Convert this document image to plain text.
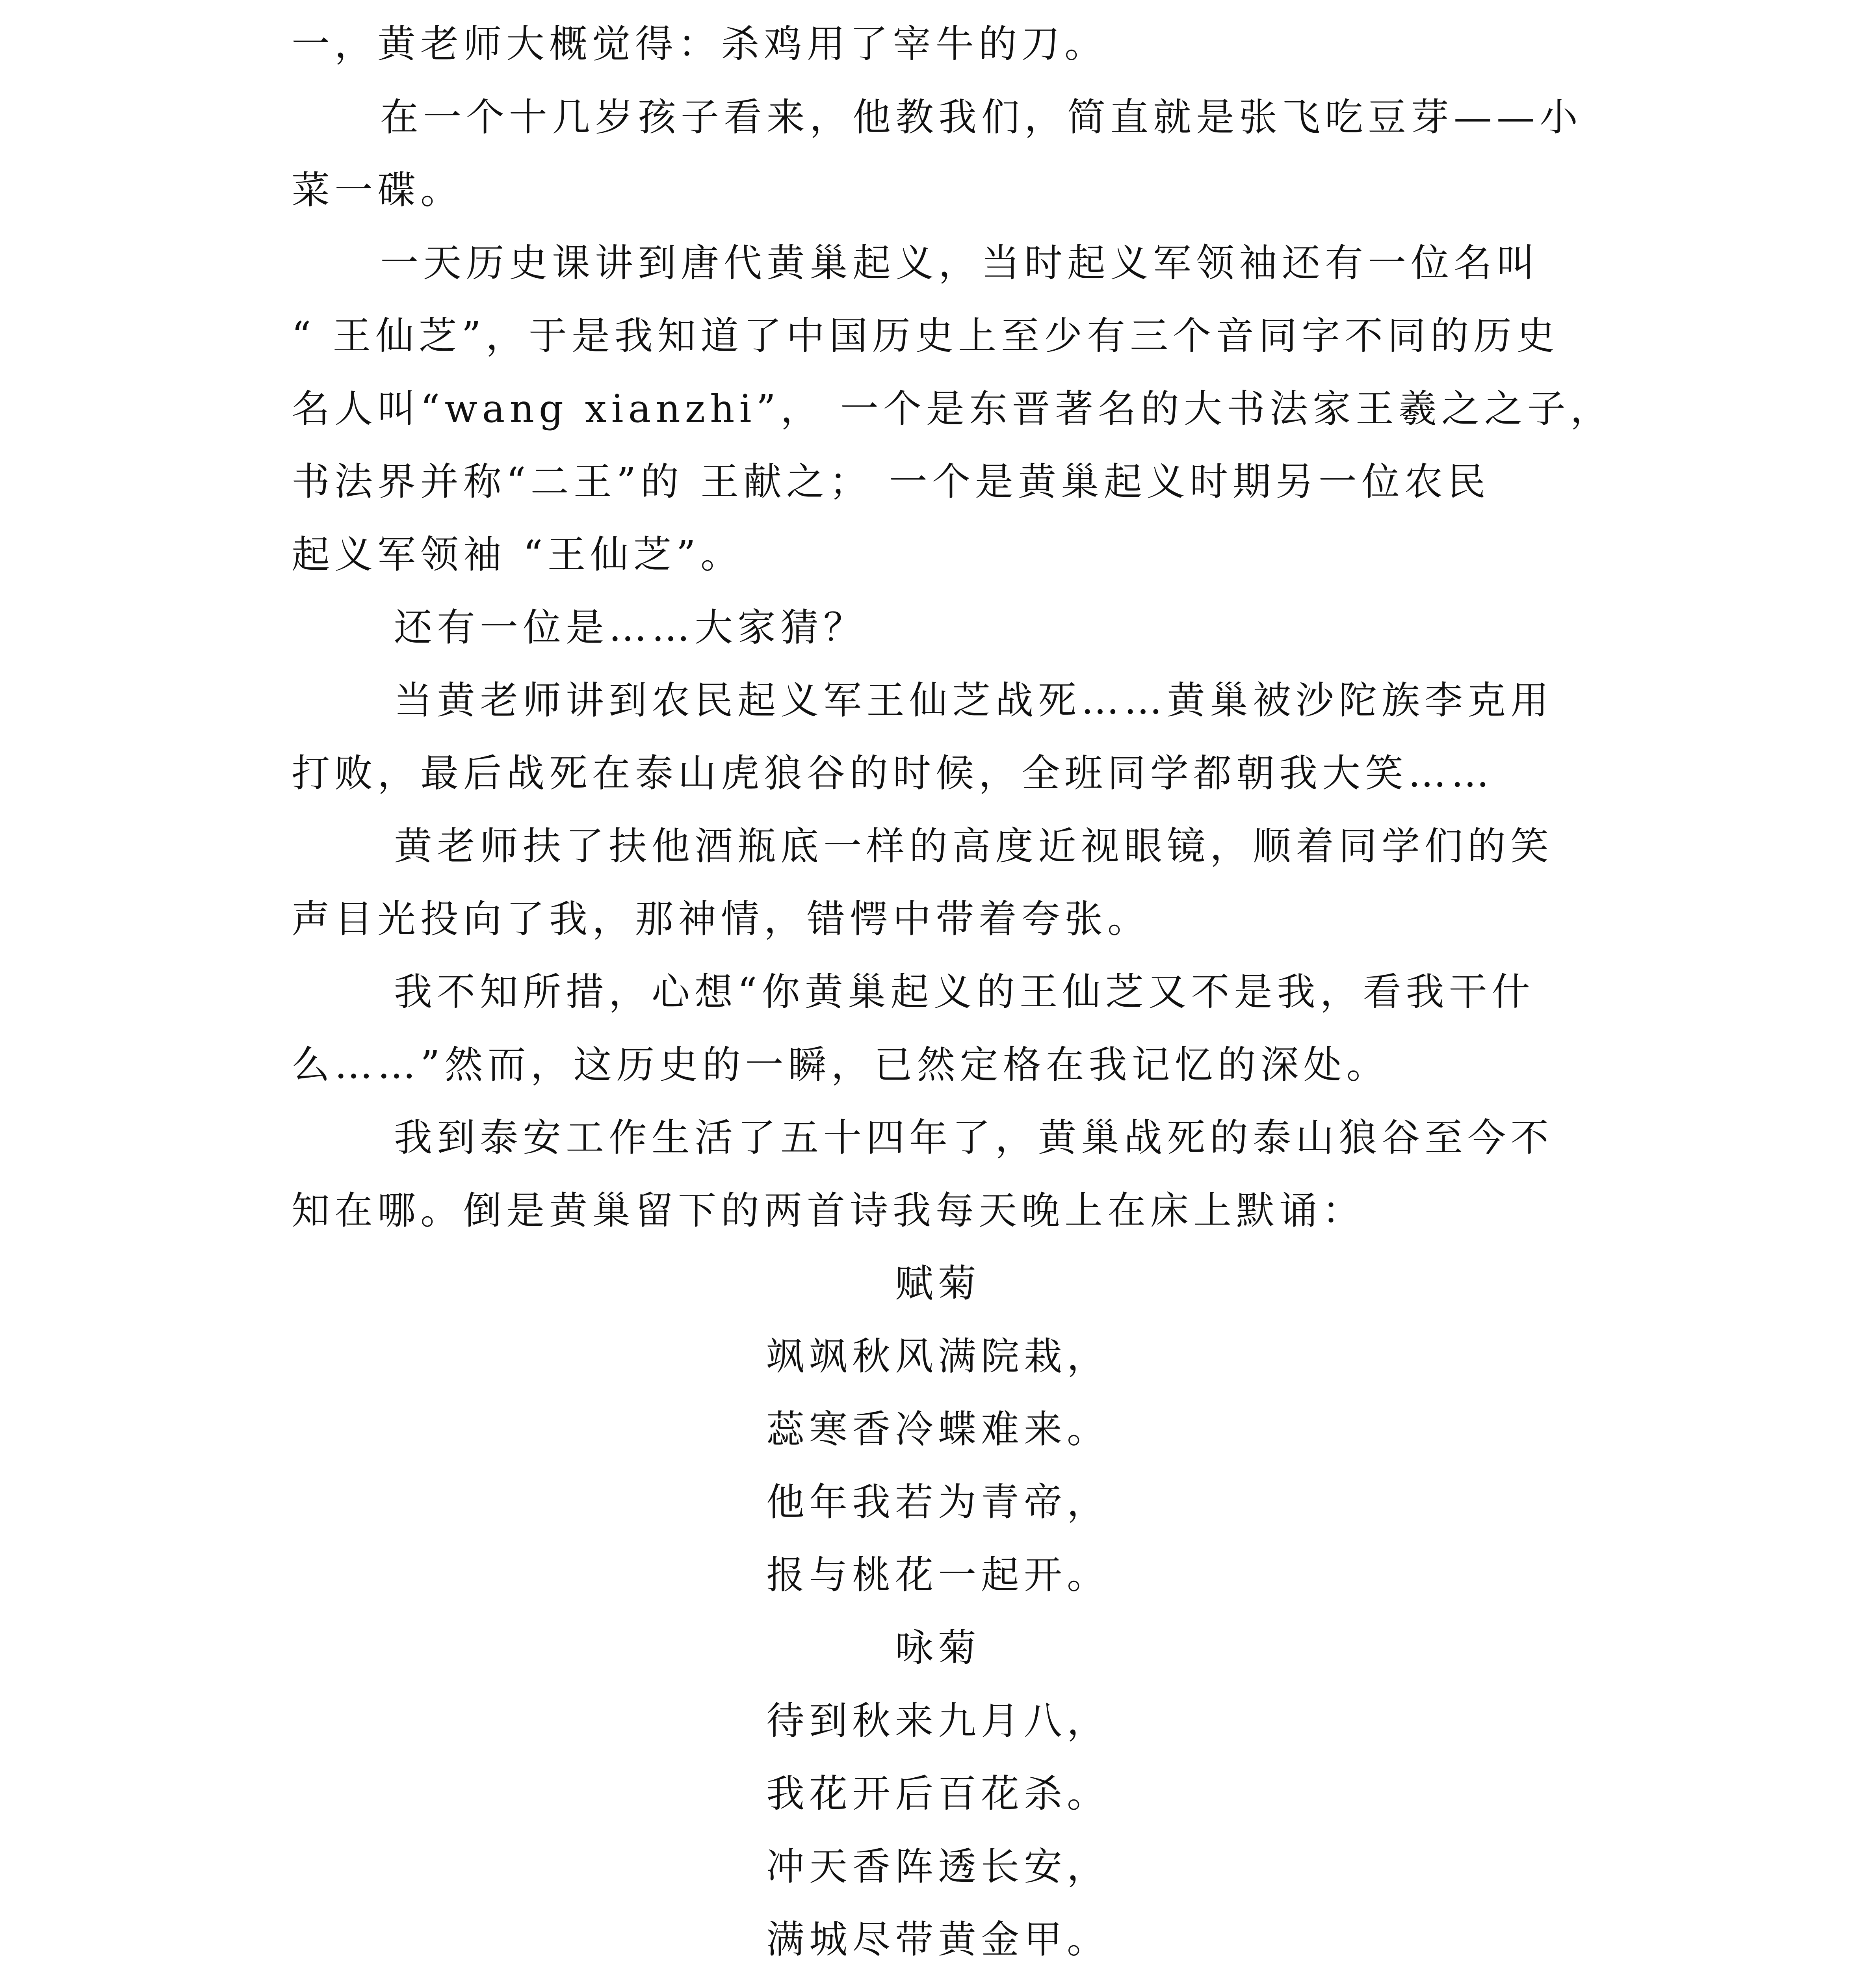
一，黄老师大概觉得：杀鸡用了宰牛的刀。

在一个十几岁孩子看来，他教我们，简直就是张飞吃豆芽——小

菜一碟。

一天历史课讲到唐代黄巢起义，当时起义军领袖还有一位名叫

“ 王仙芝”，于是我知道了中国历史上至少有三个音同字不同的历史

名人叫“wang xianzhi”， 一个是东晋著名的大书法家王羲之之子，

书法界并称“二王”的 王献之； 一个是黄巢起义时期另一位农民

起义军领袖 “王仙芝”。

还有一位是……大家猜？

当黄老师讲到农民起义军王仙芝战死……黄巢被沙陀族李克用

打败，最后战死在泰山虎狼谷的时候，全班同学都朝我大笑……

黄老师扶了扶他酒瓶底一样的高度近视眼镜，顺着同学们的笑

声目光投向了我，那神情，错愕中带着夸张。

我不知所措，心想“你黄巢起义的王仙芝又不是我，看我干什

么……”然而，这历史的一瞬，已然定格在我记忆的深处。

我到泰安工作生活了五十四年了，黄巢战死的泰山狼谷至今不

知在哪。倒是黄巢留下的两首诗我每天晚上在床上默诵：

赋菊

飒飒秋风满院栽，

蕊寒香冷蝶难来。

他年我若为青帝，

报与桃花一起开。

咏菊

待到秋来九月八，

我花开后百花杀。

冲天香阵透长安，

满城尽带黄金甲。
